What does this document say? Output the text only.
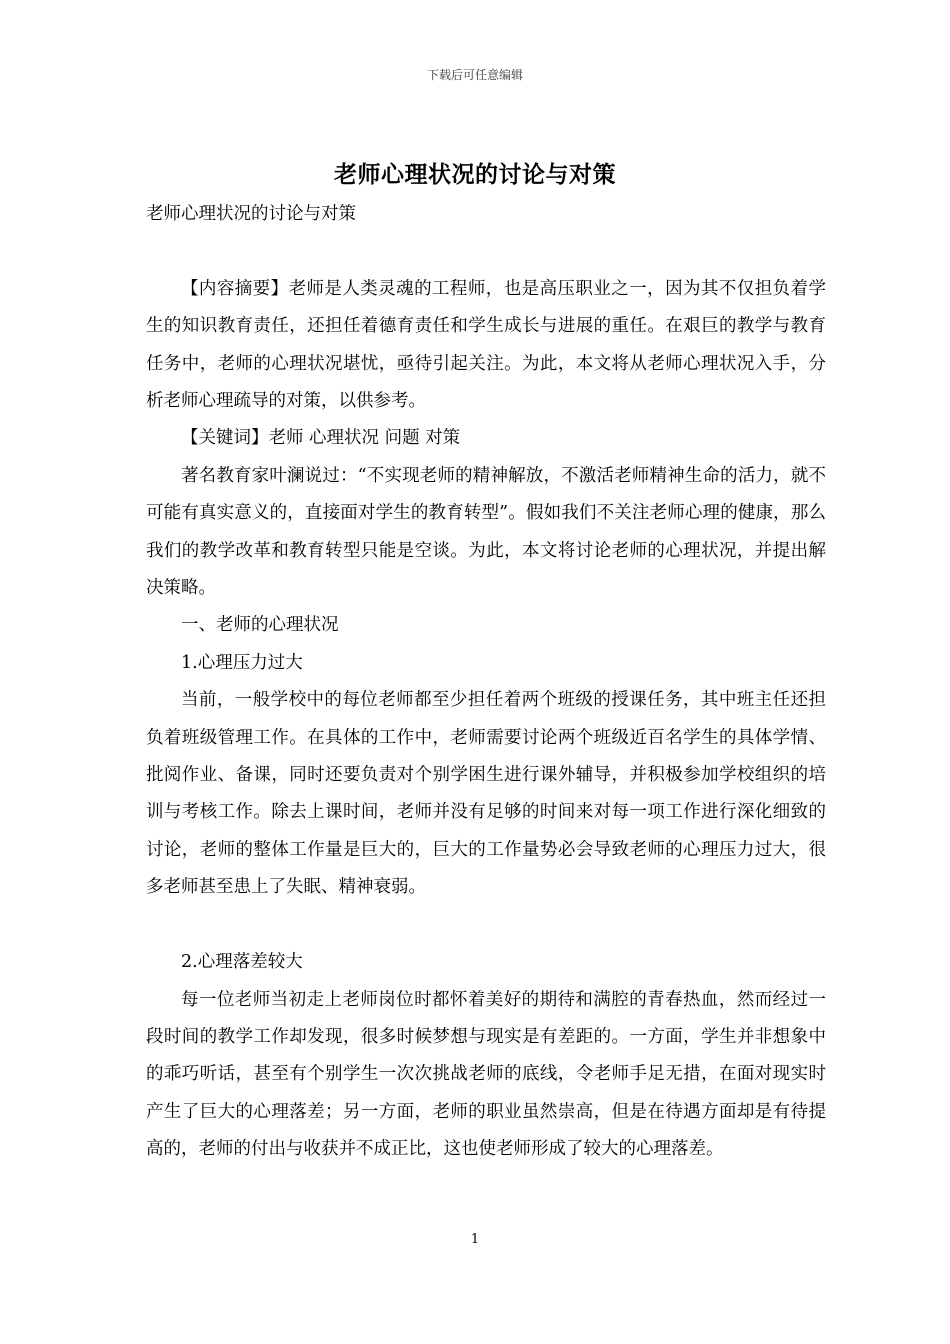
下载后可任意编辑
老师心理状况的讨论与对策

老师心理状况的讨论与对策

【内容摘要】老师是人类灵魂的工程师，也是高压职业之一，因为其不仅担负着学生的知识教育责任，还担任着德育责任和学生成长与进展的重任。在艰巨的教学与教育任务中，老师的心理状况堪忧，亟待引起关注。为此，本文将从老师心理状况入手，分析老师心理疏导的对策，以供参考。

【关键词】老师 心理状况 问题 对策

著名教育家叶澜说过：“不实现老师的精神解放，不激活老师精神生命的活力，就不可能有真实意义的，直接面对学生的教育转型”。假如我们不关注老师心理的健康，那么我们的教学改革和教育转型只能是空谈。为此，本文将讨论老师的心理状况，并提出解决策略。

一、老师的心理状况

1.心理压力过大

当前，一般学校中的每位老师都至少担任着两个班级的授课任务，其中班主任还担负着班级管理工作。在具体的工作中，老师需要讨论两个班级近百名学生的具体学情、批阅作业、备课，同时还要负责对个别学困生进行课外辅导，并积极参加学校组织的培训与考核工作。除去上课时间，老师并没有足够的时间来对每一项工作进行深化细致的讨论，老师的整体工作量是巨大的，巨大的工作量势必会导致老师的心理压力过大，很多老师甚至患上了失眠、精神衰弱。

2.心理落差较大

每一位老师当初走上老师岗位时都怀着美好的期待和满腔的青春热血，然而经过一段时间的教学工作却发现，很多时候梦想与现实是有差距的。一方面，学生并非想象中的乖巧听话，甚至有个别学生一次次挑战老师的底线，令老师手足无措，在面对现实时产生了巨大的心理落差；另一方面，老师的职业虽然崇高，但是在待遇方面却是有待提高的，老师的付出与收获并不成正比，这也使老师形成了较大的心理落差。

1
